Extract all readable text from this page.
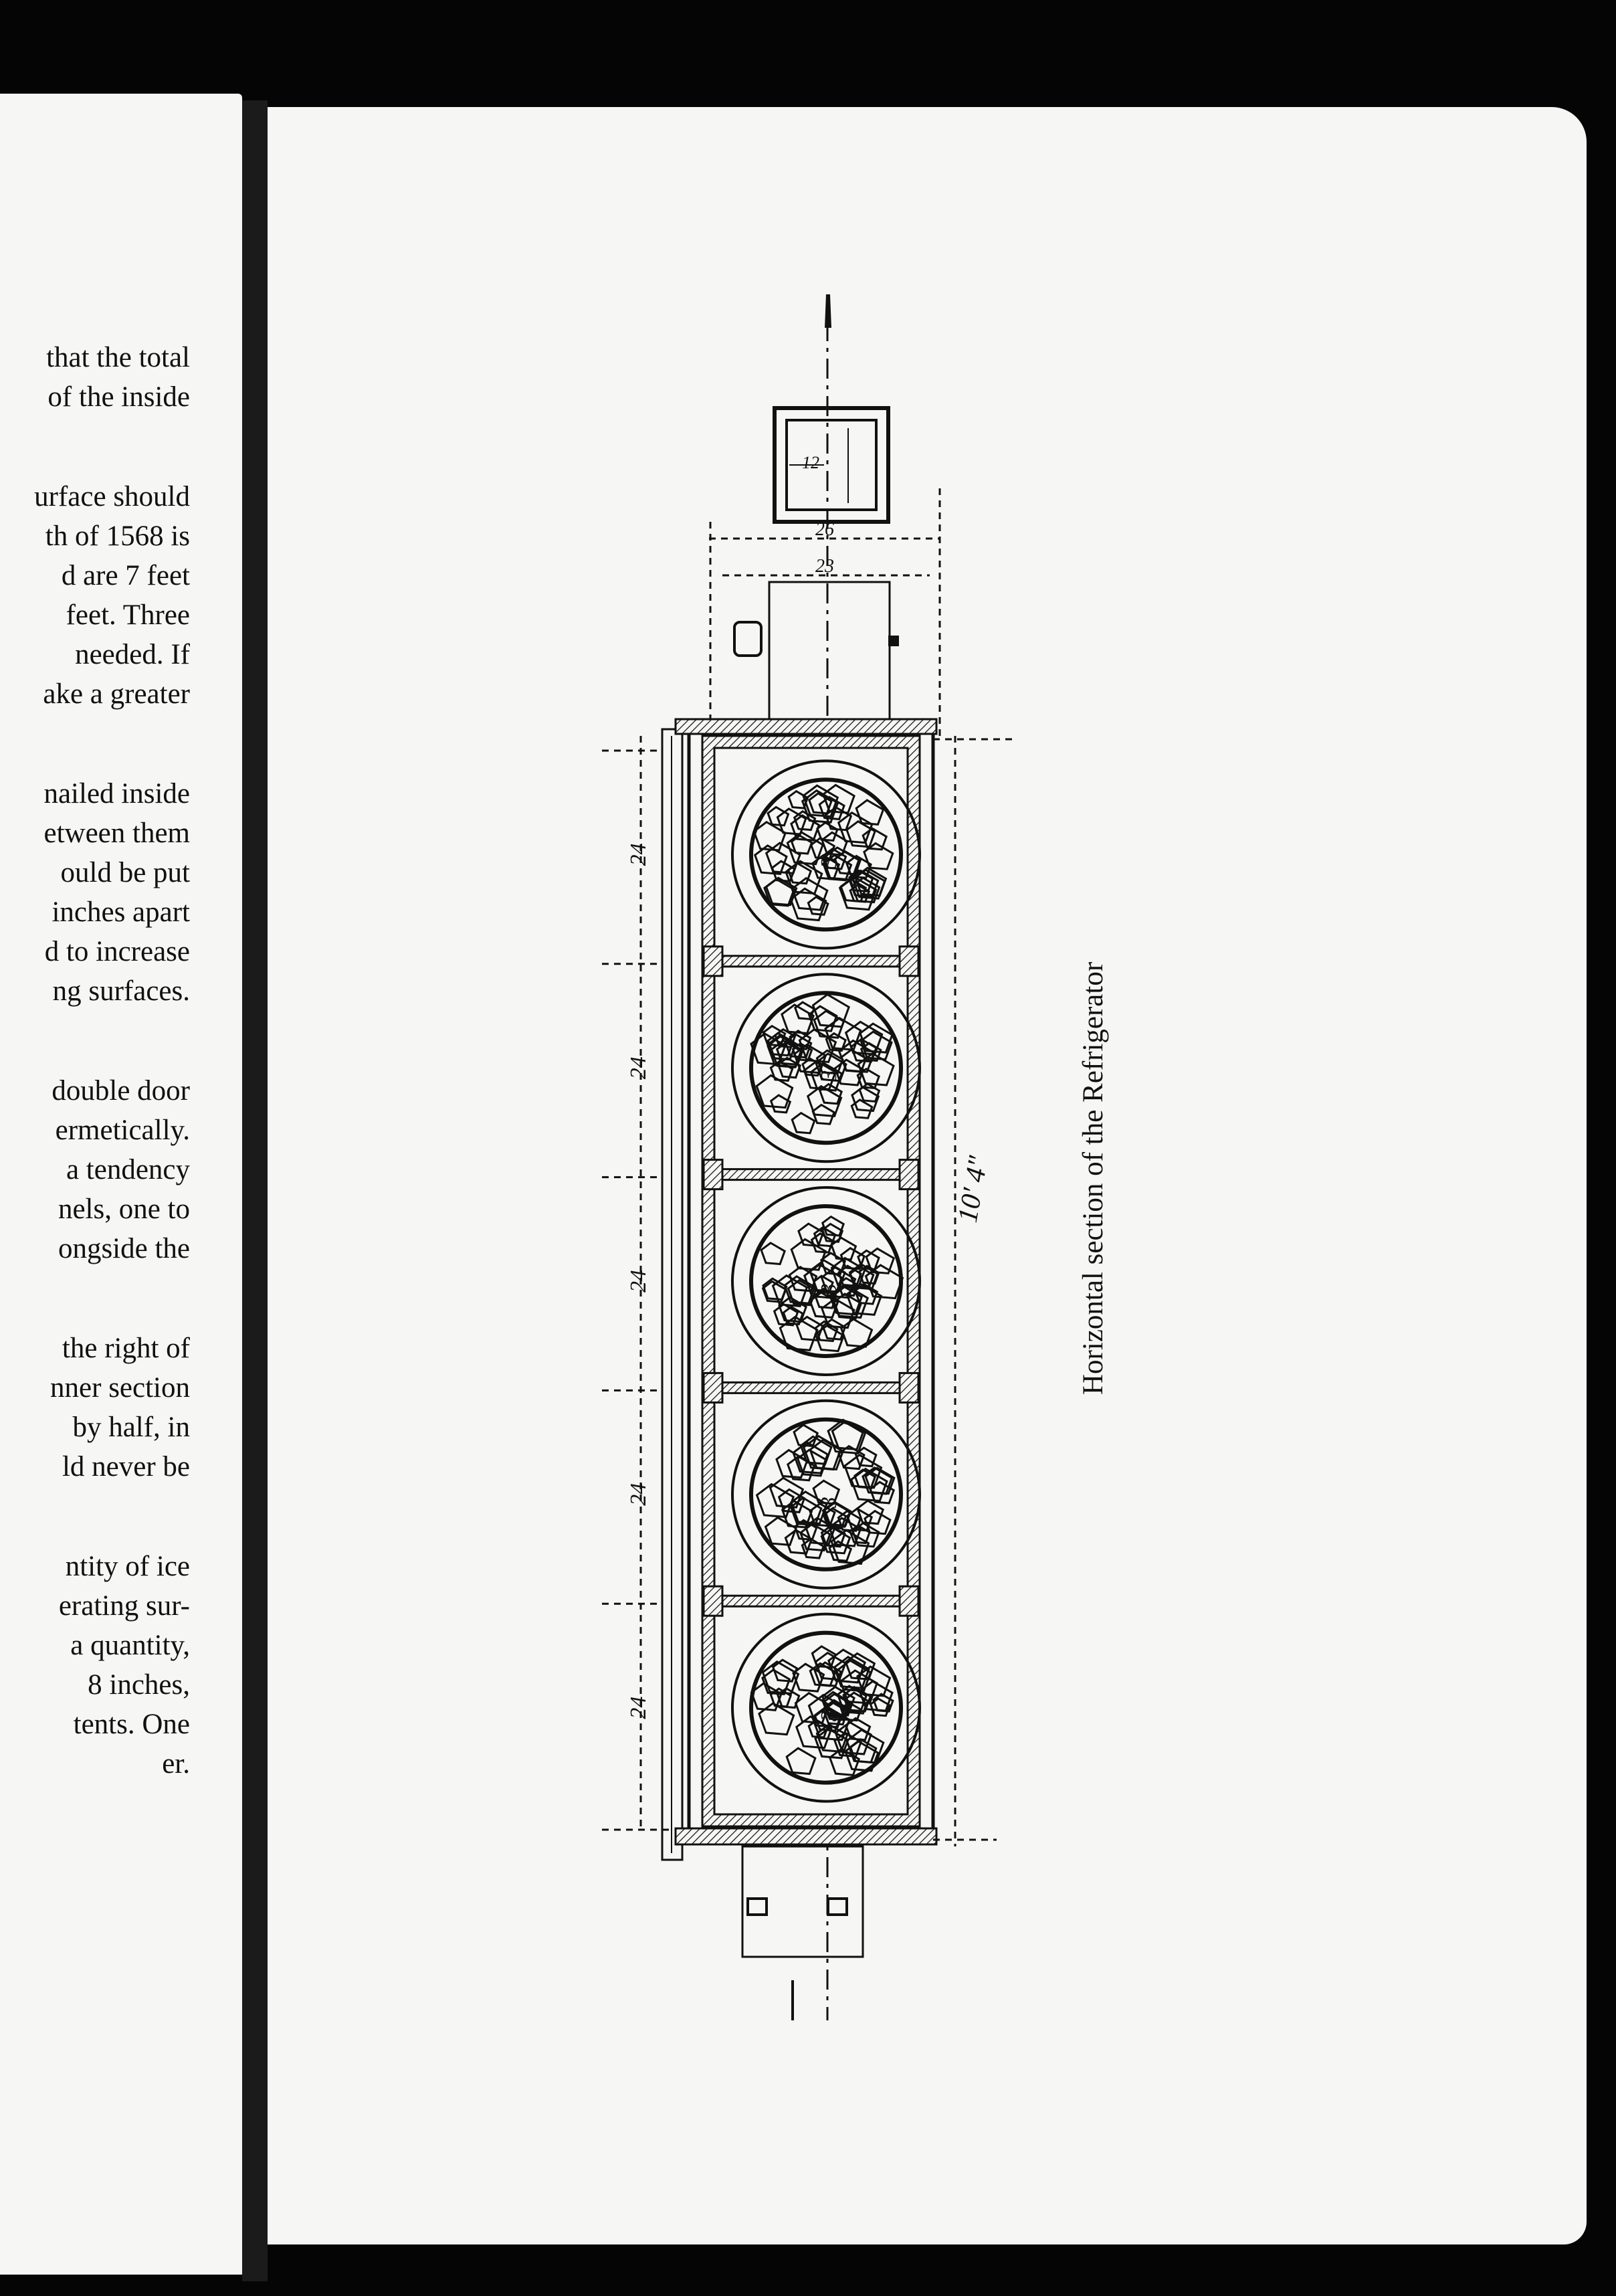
that the total
of the inside
urface should
th of 1568 is
d are 7 feet
feet. Three
needed. If
ake a greater
nailed inside
etween them
ould be put
inches apart
d to increase
ng surfaces.
double door
ermetically.
a tendency
nels, one to
ongside the
the right of
nner section
by half, in
ld never be
ntity of ice
erating sur-
a quantity,
8 inches,
tents. One
er.
12
26
23
3
24
3
24
3
24
3
24
3
24
10' 4"	Horizontal section of the Refrigerator
